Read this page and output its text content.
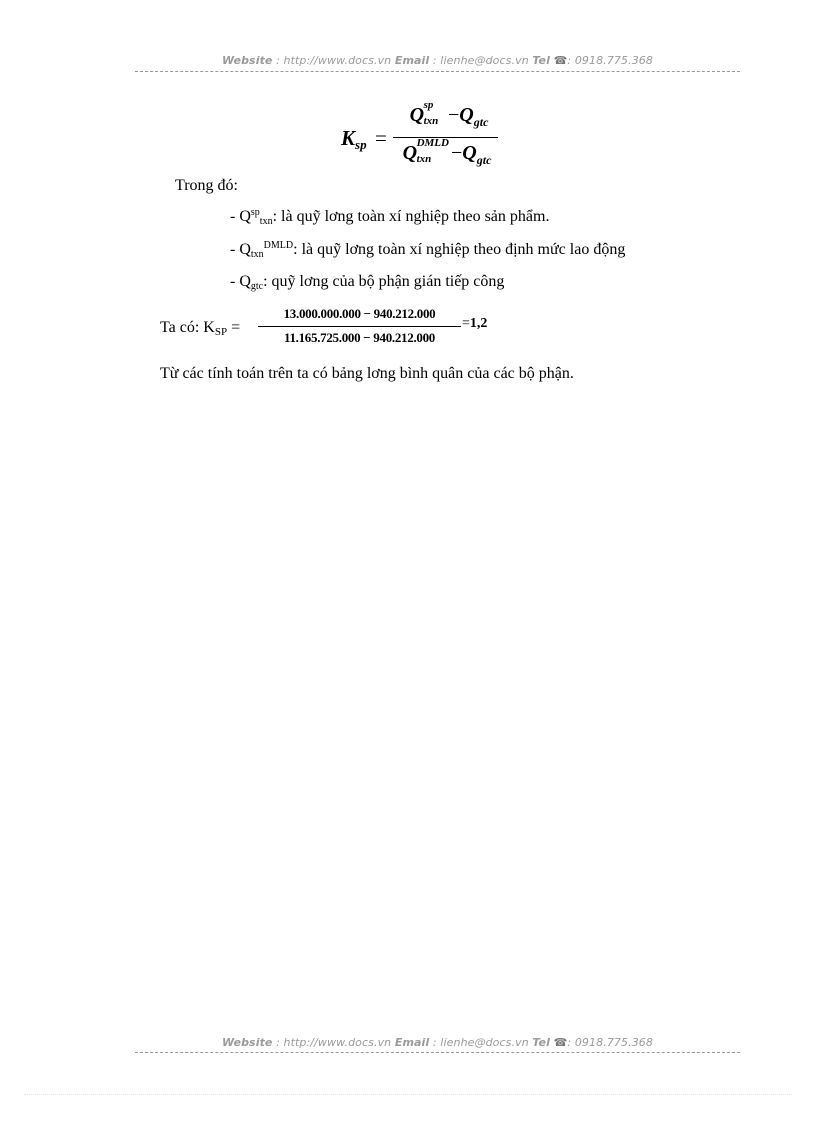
Website : http://www.docs.vn Email : lienhe@docs.vn Tel ☎: 0918.775.368
$K_{sp}$ =
Q sp
txn $-Q_{gtc}$
Q DMLD
txn $-Q_{gtc}$
Trong đó:
- $Q^{sp}txn$: là quỹ lơng toàn xí nghiệp theo sản phẩm.
- Qtxn$^{DMLD}$: là quỹ lơng toàn xí nghiệp theo định mức lao động
- Qgtc: quỹ lơng của bộ phận gián tiếp công
Ta có: KSP =
13.000.000.000 − 940.212.000
11.165.725.000 − 940.212.000
=1,2
Từ các tính toán trên ta có bảng lơng bình quân của các bộ phận.
Website : http://www.docs.vn Email : lienhe@docs.vn Tel ☎: 0918.775.368
